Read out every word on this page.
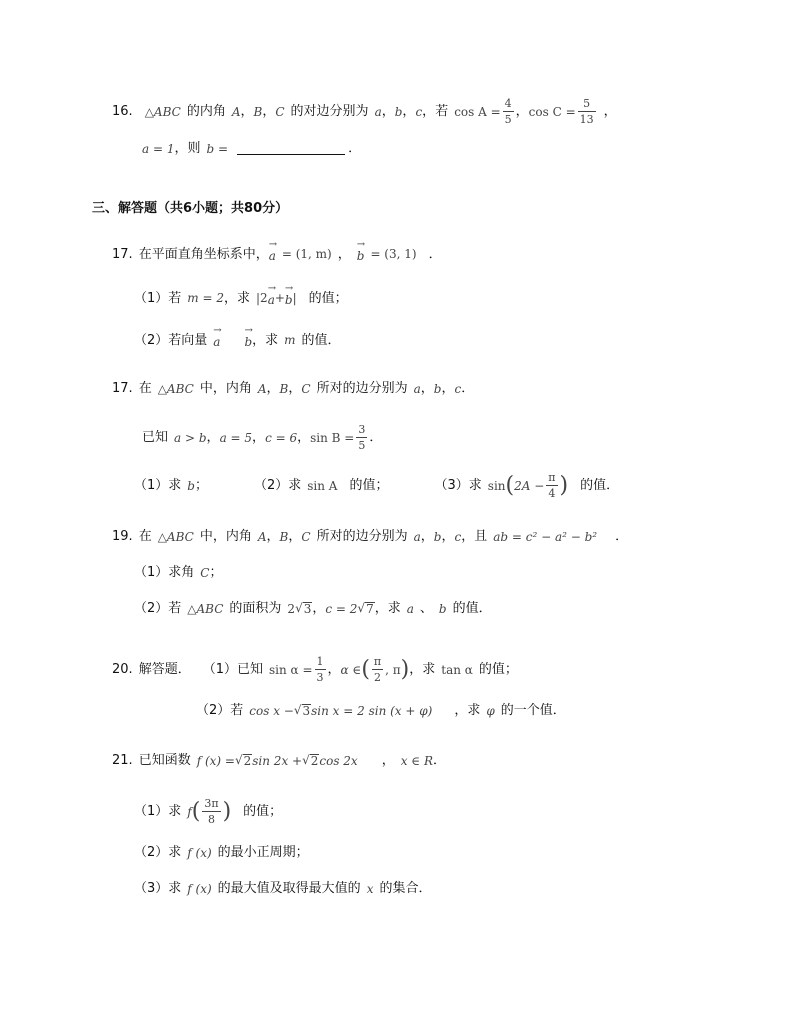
16. △ABC 的内角 A ， B ， C 的对边分别为 a ， b ， c ， 若 $\cos A = \frac{4}{5}$ ， $\cos C = \frac{5}{13}$ ，
a = 1 ， 则 b =	．
三、解答题（共6小题；共80分）
17. 在平面直角坐标系中， → a = (1, m) ， → b = (3, 1) ．
（1）若 m = 2 ，求 |2 → a + → b | 的值；
（2）若向量 → a → b ，求 m 的值．
17. 在 △ABC 中，内角 A ， B ， C 所对的边分别为 a ， b ， c ．
已知 a > b ， a = 5 ， c = 6 ， $\sin B = \frac{3}{5}$ ．
（1）求 b ；	（2）求 sin A 的值；	（3）求 sin ( $2A - \frac{\pi}{4}$ ) 的值．
19. 在 △ABC 中，内角 A ， B ， C 所对的边分别为 a ， b ， c ， 且 ab = c² − a² − b² ．
（1）求角 C ；
（2）若 △ABC 的面积为 2 √ 3 ， c = 2 √ 7 ，求 a 、 b 的值．
20. 解答题． （1）已知 $\sin \alpha = \frac{1}{3}$ ， α ∈ ( $\frac{\pi}{2}$ , π ) ，求 tan α 的值；
（2）若 cos x − √ 3 sin x = 2 sin (x + φ) ，求 φ 的一个值．
21. 已知函数 f (x) = √ 2 sin 2x + √ 2 cos 2x ， x ∈ R ．
（1）求 f ( $\frac{3\pi}{8}$ ) 的值；
（2）求 f (x) 的最小正周期；
（3）求 f (x) 的最大值及取得最大值的 x 的集合．
